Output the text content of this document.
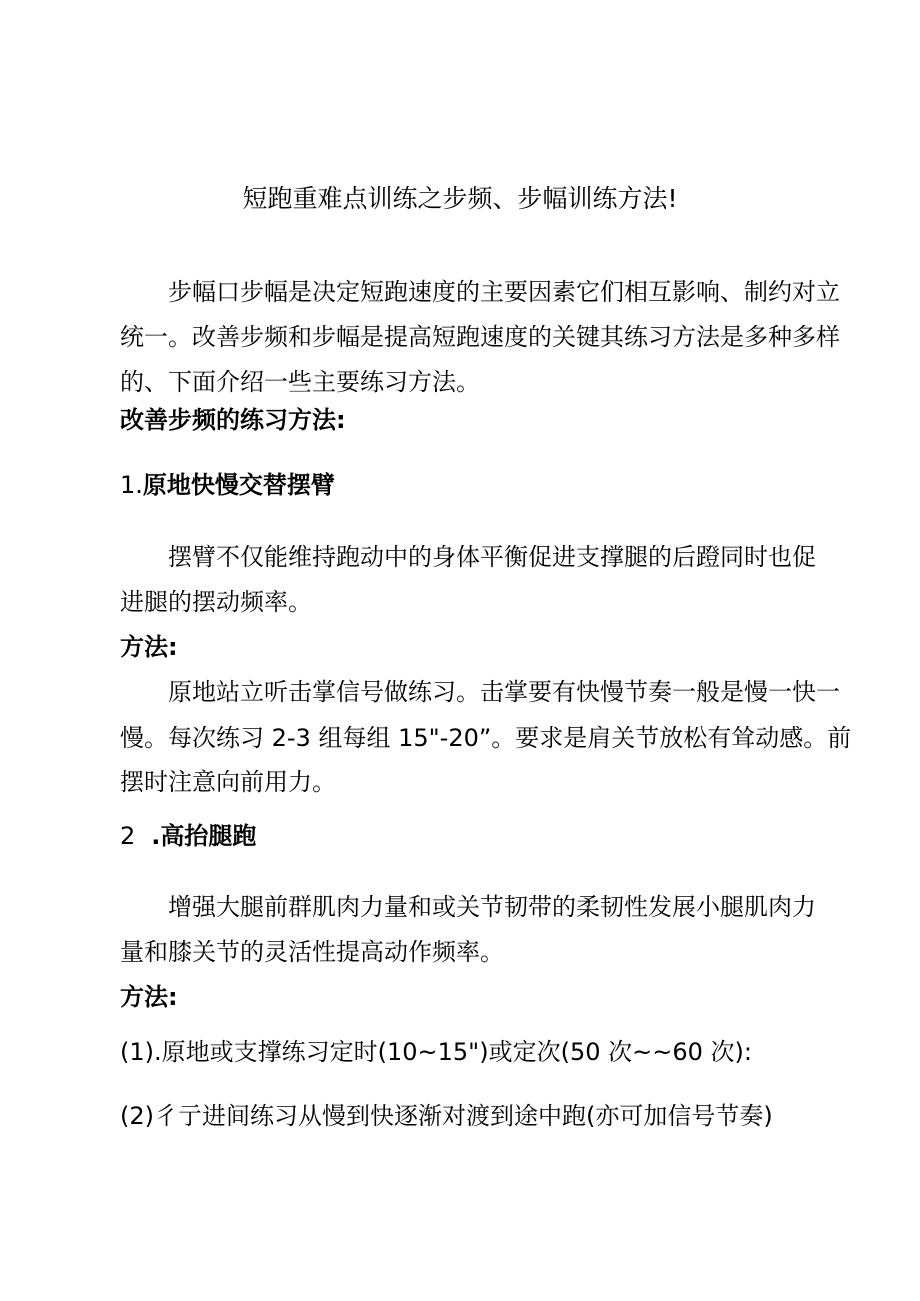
短跑重难点训练之步频、步幅训练方法!
步幅口步幅是决定短跑速度的主要因素它们相互影响、制约对立
统一。改善步频和步幅是提高短跑速度的关键其练习方法是多种多样
的、下面介绍一些主要练习方法。
改善步频的练习方法:
1.原地快慢交替摆臂
摆臂不仅能维持跑动中的身体平衡促进支撑腿的后蹬同时也促
进腿的摆动频率。
方法:
原地站立听击掌信号做练习。击掌要有快慢节奏一般是慢一快一
慢。每次练习 2-3 组每组 15"-20”。要求是肩关节放松有耸动感。前
摆时注意向前用力。
2 .高抬腿跑
增强大腿前群肌肉力量和或关节韧带的柔韧性发展小腿肌肉力
量和膝关节的灵活性提高动作频率。
方法:
(1).原地或支撑练习定时(10~15")或定次(50 次~~60 次):
(2)彳亍进间练习从慢到快逐渐对渡到途中跑(亦可加信号节奏)
